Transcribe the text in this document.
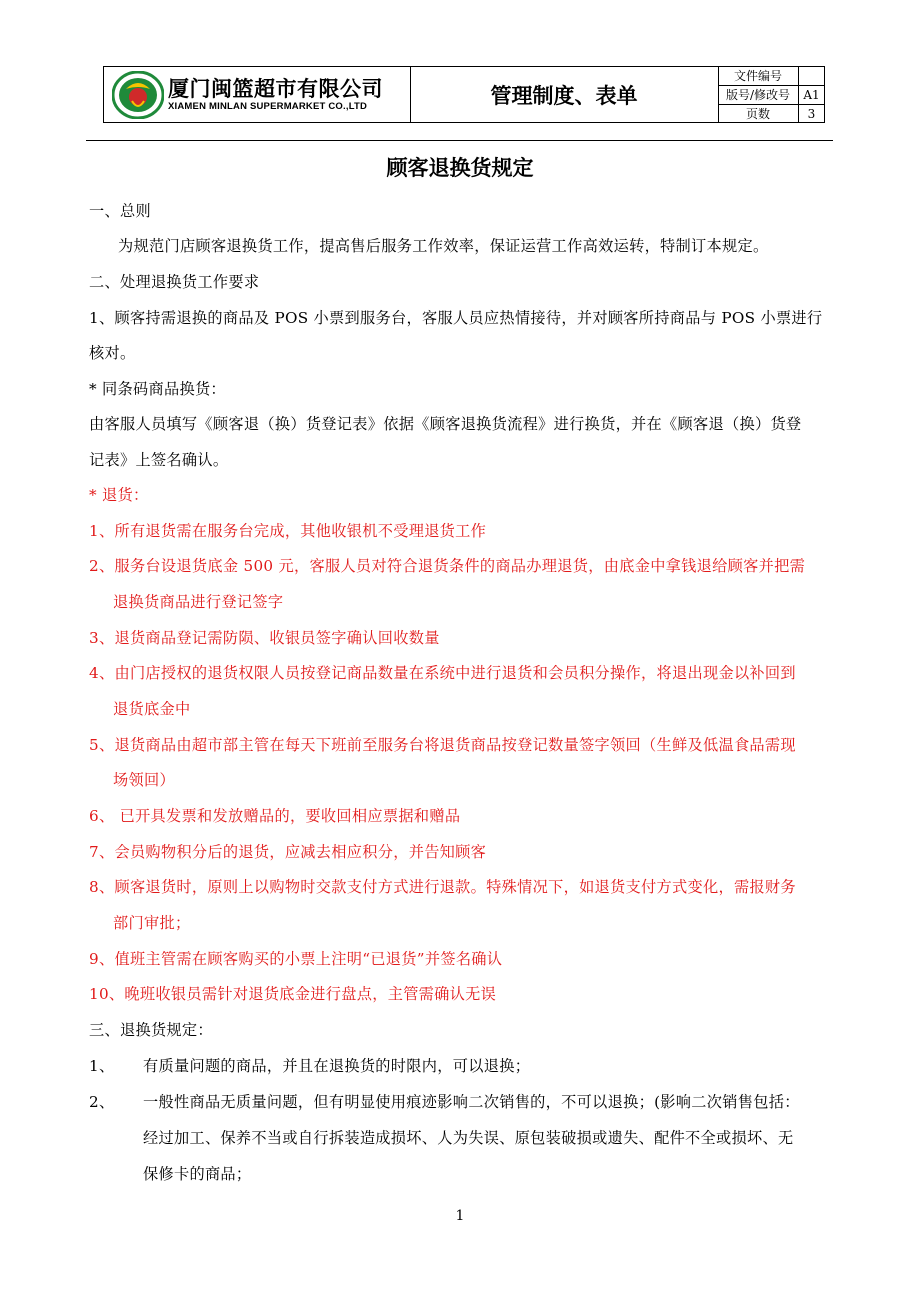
厦门闽篮超市有限公司
XIAMEN MINLAN SUPERMARKET CO.,LTD	管理制度、表单
文件编号
版号/修改号	A1
页数	3
顾客退换货规定
一、总则
为规范门店顾客退换货工作，提高售后服务工作效率，保证运营工作高效运转，特制订本规定。
二、处理退换货工作要求
1、顾客持需退换的商品及 POS 小票到服务台，客服人员应热情接待，并对顾客所持商品与 POS 小票进行
核对。
* 同条码商品换货：
由客服人员填写《顾客退（换）货登记表》依据《顾客退换货流程》进行换货，并在《顾客退（换）货登
记表》上签名确认。
* 退货：
1、所有退货需在服务台完成，其他收银机不受理退货工作
2、服务台设退货底金 500 元，客服人员对符合退货条件的商品办理退货，由底金中拿钱退给顾客并把需
退换货商品进行登记签字
3、退货商品登记需防陨、收银员签字确认回收数量
4、由门店授权的退货权限人员按登记商品数量在系统中进行退货和会员积分操作，将退出现金以补回到
退货底金中
5、退货商品由超市部主管在每天下班前至服务台将退货商品按登记数量签字领回（生鲜及低温食品需现
场领回）
6、 已开具发票和发放赠品的，要收回相应票据和赠品
7、会员购物积分后的退货，应减去相应积分，并告知顾客
8、顾客退货时，原则上以购物时交款支付方式进行退款。特殊情况下，如退货支付方式变化，需报财务
部门审批；
9、值班主管需在顾客购买的小票上注明“已退货”并签名确认
10、晚班收银员需针对退货底金进行盘点，主管需确认无误
三、退换货规定：
1、 有质量问题的商品，并且在退换货的时限内，可以退换；
2、 一般性商品无质量问题，但有明显使用痕迹影响二次销售的，不可以退换；(影响二次销售包括：
经过加工、保养不当或自行拆装造成损坏、人为失误、原包装破损或遗失、配件不全或损坏、无
保修卡的商品；
1
